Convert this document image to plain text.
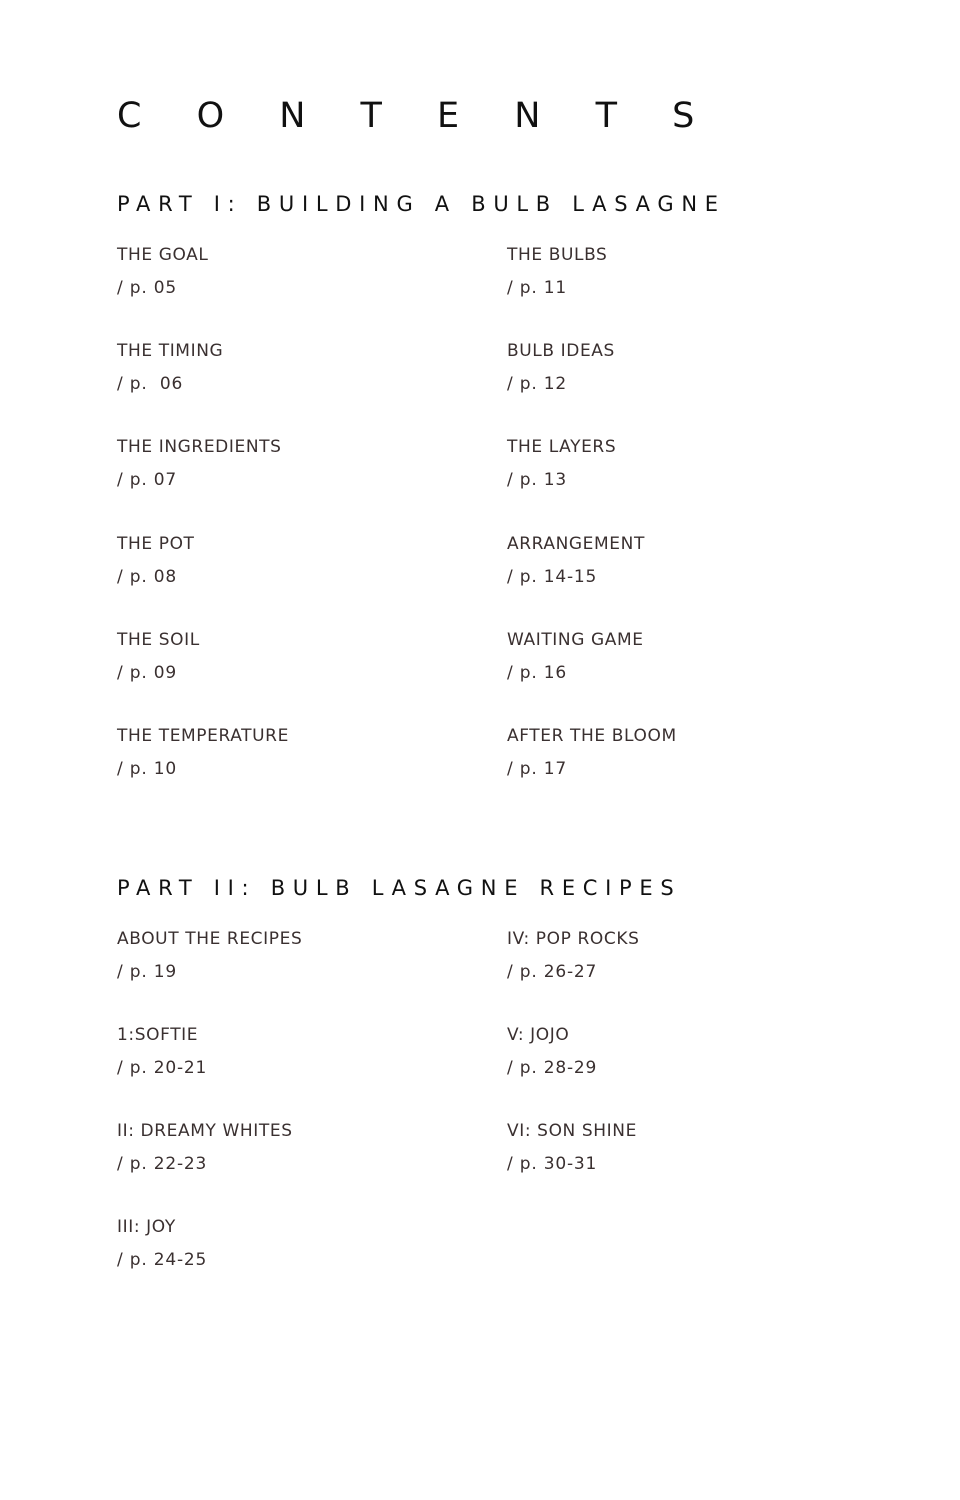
C O N T E N T S
PART I: BUILDING A BULB LASAGNE
THE GOAL
/ p. 05
THE BULBS
/ p. 11
THE TIMING
/ p.  06
BULB IDEAS
/ p. 12
THE INGREDIENTS
/ p. 07
THE LAYERS
/ p. 13
THE POT
/ p. 08
ARRANGEMENT
/ p. 14-15
THE SOIL
/ p. 09
WAITING GAME
/ p. 16
THE TEMPERATURE
/ p. 10
AFTER THE BLOOM
/ p. 17
PART II: BULB LASAGNE RECIPES
ABOUT THE RECIPES
/ p. 19
IV: POP ROCKS
/ p. 26-27
1:SOFTIE
/ p. 20-21
V: JOJO
/ p. 28-29
II: DREAMY WHITES
/ p. 22-23
VI: SON SHINE
/ p. 30-31
III: JOY
/ p. 24-25
